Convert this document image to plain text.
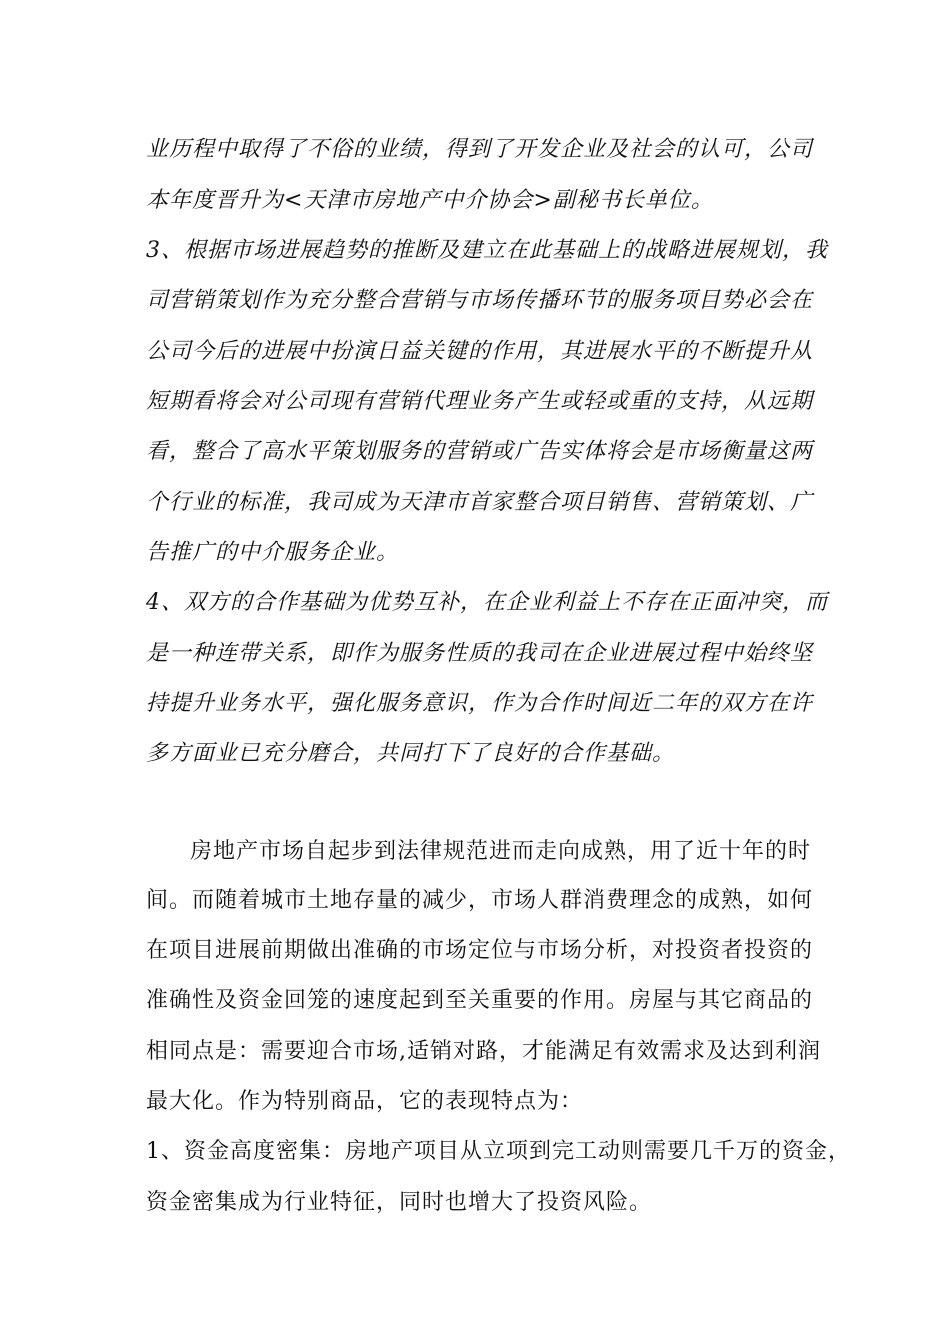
业历程中取得了不俗的业绩，得到了开发企业及社会的认可，公司
本年度晋升为<天津市房地产中介协会>副秘书长单位。
3、根据市场进展趋势的推断及建立在此基础上的战略进展规划，我
司营销策划作为充分整合营销与市场传播环节的服务项目势必会在
公司今后的进展中扮演日益关键的作用，其进展水平的不断提升从
短期看将会对公司现有营销代理业务产生或轻或重的支持，从远期
看，整合了高水平策划服务的营销或广告实体将会是市场衡量这两
个行业的标准，我司成为天津市首家整合项目销售、营销策划、广
告推广的中介服务企业。
4、双方的合作基础为优势互补，在企业利益上不存在正面冲突，而
是一种连带关系，即作为服务性质的我司在企业进展过程中始终坚
持提升业务水平，强化服务意识，作为合作时间近二年的双方在许
多方面业已充分磨合，共同打下了良好的合作基础。
房地产市场自起步到法律规范进而走向成熟，用了近十年的时
间。而随着城市土地存量的减少，市场人群消费理念的成熟，如何
在项目进展前期做出准确的市场定位与市场分析，对投资者投资的
准确性及资金回笼的速度起到至关重要的作用。房屋与其它商品的
相同点是：需要迎合市场,适销对路，才能满足有效需求及达到利润
最大化。作为特别商品，它的表现特点为：
1、资金高度密集：房地产项目从立项到完工动则需要几千万的资金，
资金密集成为行业特征，同时也增大了投资风险。
